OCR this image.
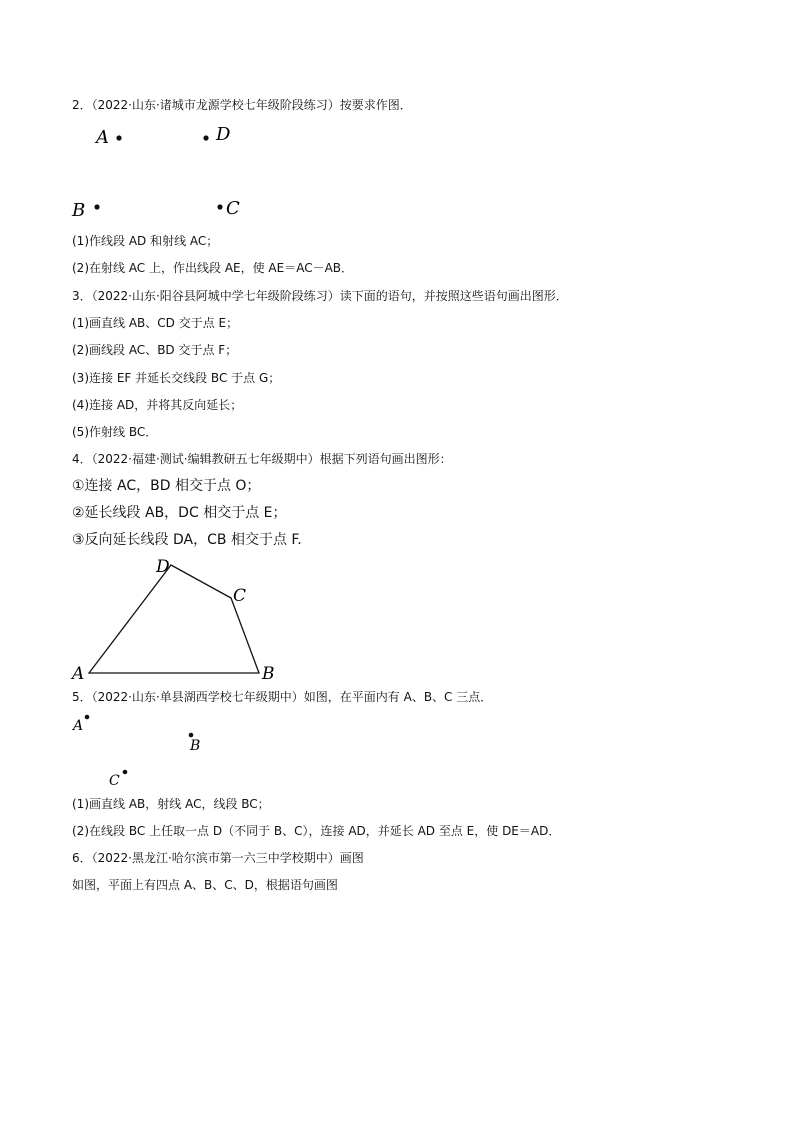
2．（2022·山东·诸城市龙源学校七年级阶段练习）按要求作图．
A	D
B	C
(1)作线段 AD 和射线 AC；
(2)在射线 AC 上，作出线段 AE，使 AE＝AC－AB．
3．（2022·山东·阳谷县阿城中学七年级阶段练习）读下面的语句，并按照这些语句画出图形．
(1)画直线 AB、CD 交于点 E；
(2)画线段 AC、BD 交于点 F；
(3)连接 EF 并延长交线段 BC 于点 G；
(4)连接 AD，并将其反向延长；
(5)作射线 BC．
4．（2022·福建·测试·编辑教研五七年级期中）根据下列语句画出图形：
①连接 AC，BD 相交于点 O；
②延长线段 AB，DC 相交于点 E；
③反向延长线段 DA，CB 相交于点 F.
D
C
A	B
5．（2022·山东·单县湖西学校七年级期中）如图，在平面内有 A、B、C 三点．
A
B
C
(1)画直线 AB，射线 AC，线段 BC；
(2)在线段 BC 上任取一点 D（不同于 B、C），连接 AD，并延长 AD 至点 E，使 DE＝AD．
6．（2022·黑龙江·哈尔滨市第一六三中学校期中）画图
如图，平面上有四点 A、B、C、D，根据语句画图
